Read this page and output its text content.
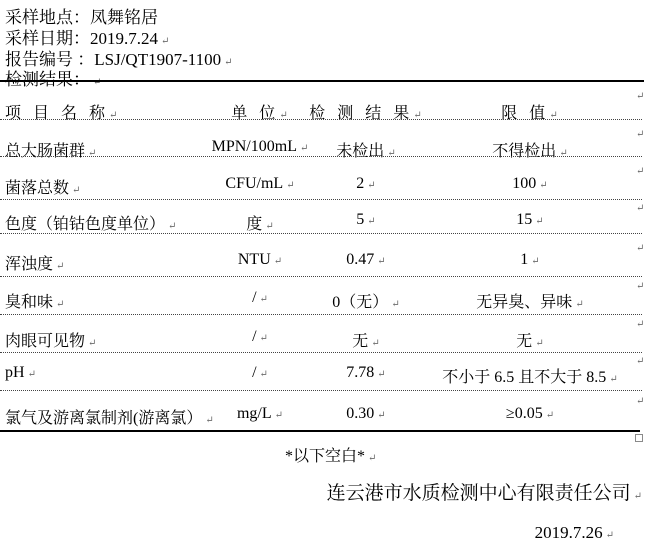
采样地点：凤舞铭居
采样日期：2019.7.24 ↵
报告编号 ：LSJ/QT1907-1100 ↵
检测结果： ↵
项 目 名 称 ↵	单 位 ↵	检 测 结 果 ↵	限 值 ↵
总大肠菌群 ↵	MPN/100mL ↵	未检出 ↵	不得检出 ↵
菌落总数 ↵	CFU/mL ↵	2 ↵	100 ↵
色度（铂钴色度单位） ↵	度 ↵	5 ↵	15 ↵
浑浊度 ↵	NTU ↵	0.47 ↵	1 ↵
臭和味 ↵	/ ↵	0（无） ↵	无异臭、异味 ↵
肉眼可见物 ↵	/ ↵	无 ↵	无 ↵
pH ↵	/ ↵	7.78 ↵	不小于 6.5 且不大于 8.5 ↵
氯气及游离氯制剂(游离氯） ↵	mg/L ↵	0.30 ↵	≥0.05 ↵
↵
↵
↵
↵
↵
↵
↵
↵
↵
*以下空白* ↵
连云港市水质检测中心有限责任公司 ↵
2019.7.26 ↵
